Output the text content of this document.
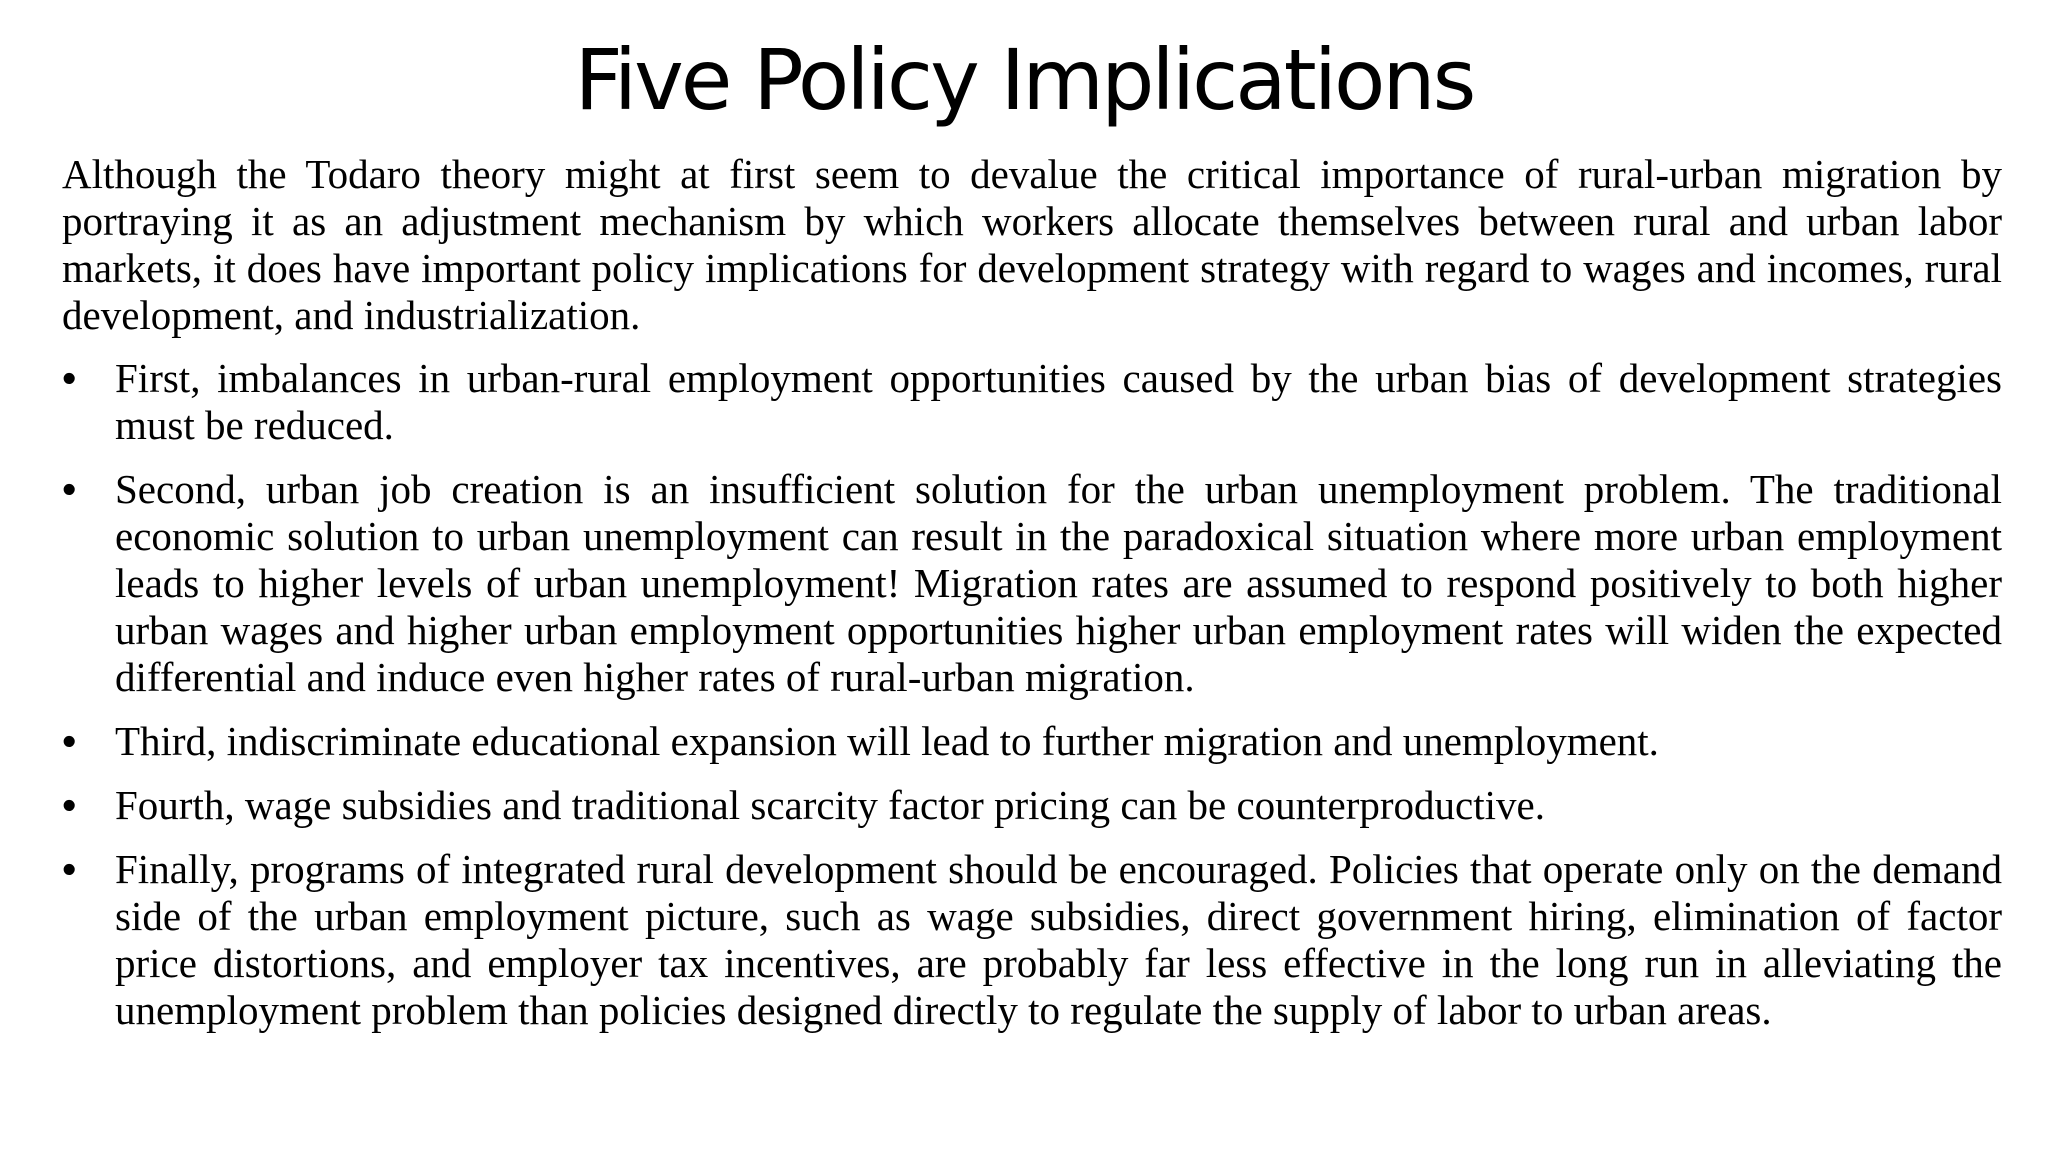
Five Policy Implications

Although the Todaro theory might at first seem to devalue the critical importance of rural-urban migration by portraying it as an adjustment mechanism by which workers allocate themselves between rural and urban labor markets, it does have important policy implications for development strategy with regard to wages and incomes, rural development, and industrialization.

• First, imbalances in urban-rural employment opportunities caused by the urban bias of development strategies must be reduced.
• Second, urban job creation is an insufficient solution for the urban unemployment problem. The traditional economic solution to urban unemployment can result in the paradoxical situation where more urban employment leads to higher levels of urban unemployment! Migration rates are assumed to respond positively to both higher urban wages and higher urban employment opportunities higher urban employment rates will widen the expected differential and induce even higher rates of rural-urban migration.
• Third, indiscriminate educational expansion will lead to further migration and unemployment.
• Fourth, wage subsidies and traditional scarcity factor pricing can be counterproductive.
• Finally, programs of integrated rural development should be encouraged. Policies that operate only on the demand side of the urban employment picture, such as wage subsidies, direct government hiring, elimination of factor price distortions, and employer tax incentives, are probably far less effective in the long run in alleviating the unemployment problem than policies designed directly to regulate the supply of labor to urban areas.
